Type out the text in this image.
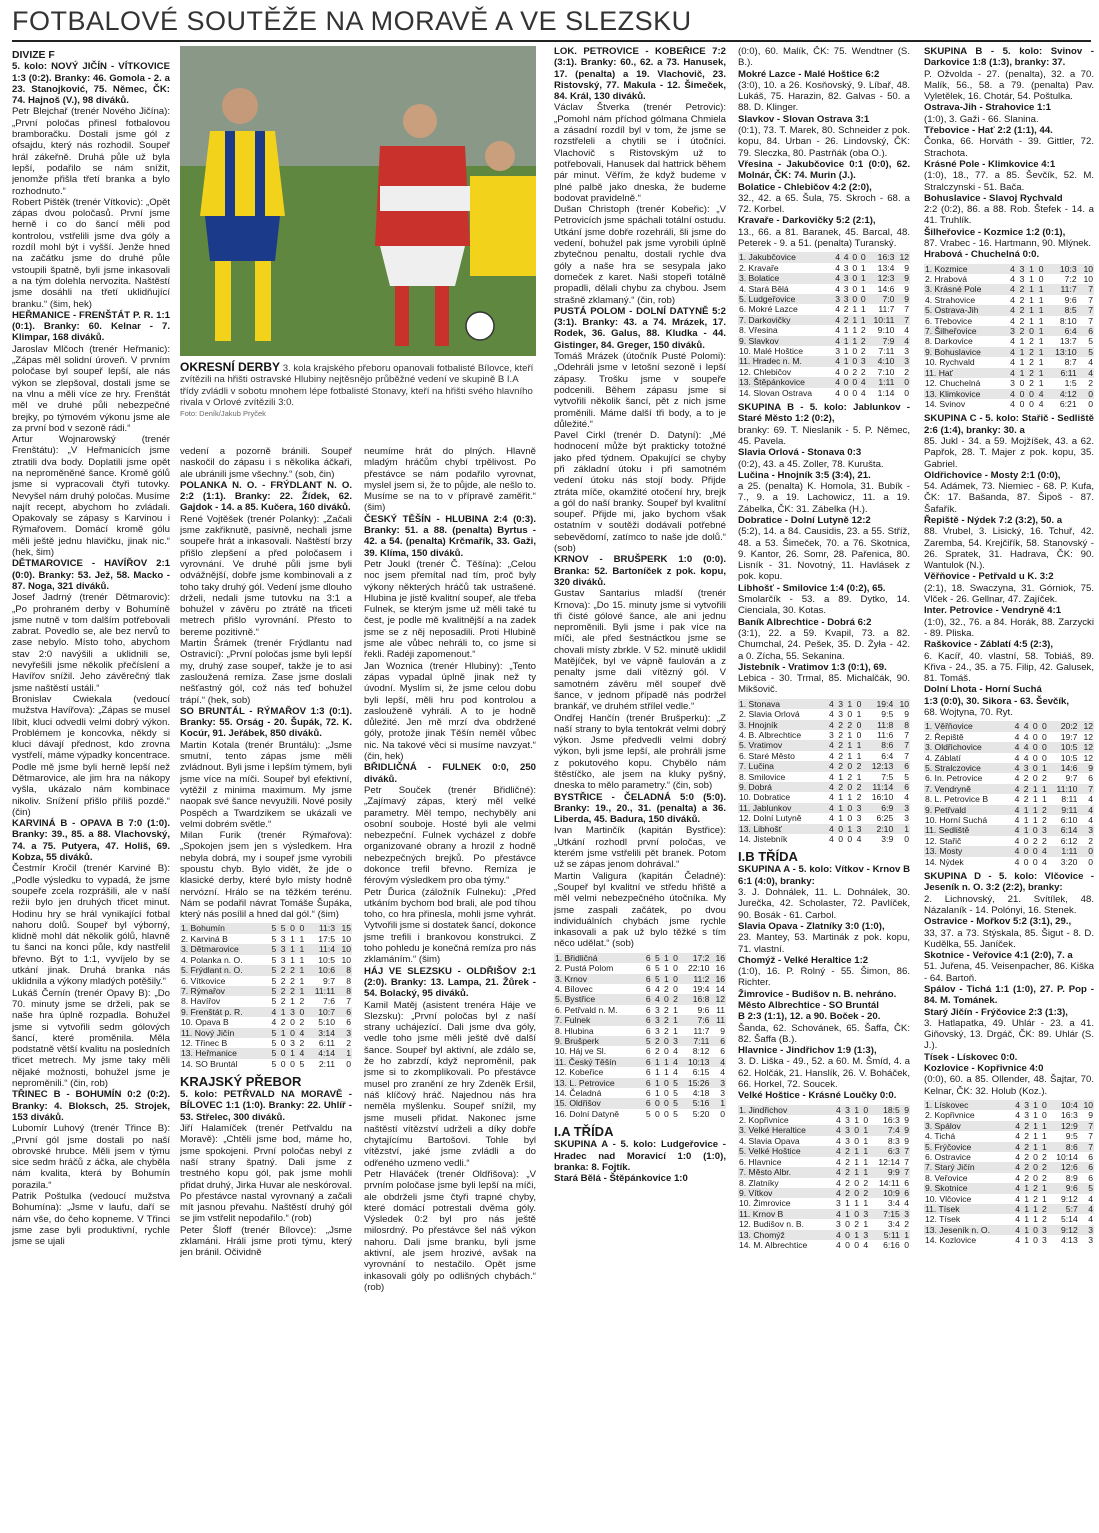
FOTBALOVÉ SOUTĚŽE NA MORAVĚ A VE SLEZSKU

DIVIZE F

5. kolo: NOVÝ JIČÍN - VÍTKOVICE 1:3 (0:2). Branky: 46. Gomola - 2. a 23. Stanojković, 75. Němec, ČK: 74. Hajnoš (V.), 98 diváků.

Petr Blejchař (trenér Nového Jičína): „První poločas přinesl fotbalovou bramboračku. Dostali jsme gól z ofsajdu, který nás rozhodil. Soupeř hrál zákeřně. Druhá půle už byla lepší, podařilo se nám snížit, jenomže přišla třetí branka a bylo rozhodnuto.“

Robert Pištěk (trenér Vítkovic): „Opět zápas dvou poločasů. První jsme herně i co do šancí měli pod kontrolou, vstřelili jsme dva góly a rozdíl mohl být i vyšší. Jenže hned na začátku jsme do druhé půle vstoupili špatně, byli jsme inkasovali a na tým dolehla nervozita. Naštěstí jsme dosáhli na třetí uklidňující branku.“ (šim, hek)

HEŘMANICE - FRENŠTÁT P. R. 1:1 (0:1). Branky: 60. Kelnar - 7. Klimpar, 168 diváků.

Jaroslav Mlčoch (trenér Heřmanic): „Zápas měl solidní úroveň. V prvním poločase byl soupeř lepší, ale nás výkon se zlepšoval, dostali jsme se na vlnu a měli více ze hry. Frenštát měl ve druhé půli nebezpečné brejky, po týmovém výkonu jsme ale za první bod v sezoně rádi.“

Artur Wojnarowský (trenér Frenštátu): „V Heřmanicích jsme ztratili dva body. Doplatili jsme opět na neproměněné šance. Kromě gólů jsme si vypracovali čtyři tutovky. Nevyšel nám druhý poločas. Musíme najít recept, abychom ho zvládali. Opakovaly se zápasy s Karvinou i Rýmařovem. Domácí kromě gólu měli ještě jednu hlavičku, jinak nic.“ (hek, šim)

DĚTMAROVICE - HAVÍŘOV 2:1 (0:0). Branky: 53. Jež, 58. Macko - 87. Noga, 321 diváků.

Josef Jadrný (trenér Dětmarovic): „Po prohraném derby v Bohumíně jsme nutně v tom dalším potřebovali zabrat. Povedlo se, ale bez nervů to zase nebylo. Místo toho, abychom stav 2:0 navýšili a uklidnili se, nevyřešili jsme několik přečíslení a Havířov snížil. Jeho závěrečný tlak jsme naštěstí ustáli.“

Bronislav Cwiekala (vedoucí mužstva Havířova): „Zápas se musel líbit, kluci odvedli velmi dobrý výkon. Problémem je koncovka, někdy si kluci dávají přednost, kdo zrovna vystřelí, máme výpadky koncentrace. Podle mě jsme byli herně lepší než Dětmarovice, ale jim hra na nákopy vyšla, ukázalo nám kombinace nikoliv. Snížení přišlo příliš pozdě.“ (čin)

KARVINÁ B - OPAVA B 7:0 (1:0). Branky: 39., 85. a 88. Vlachovský, 74. a 75. Putyera, 47. Holiš, 69. Kobza, 55 diváků.

Čestmír Kročil (trenér Karviné B): „Podle výsledku to vypadá, že jsme soupeře zcela rozprášili, ale v naší režii bylo jen druhých třicet minut. Hodinu hry se hrál vynikající fotbal nahoru dolů. Soupeř byl výborný, klidně mohl dát několik gólů, hlavně tu šanci na konci půle, kdy nastřelil břevno. Být to 1:1, vyvíjelo by se utkání jinak. Druhá branka nás uklidnila a výkony mladých potěšily.“

Lukáš Černín (trenér Opavy B): „Do 70. minuty jsme se drželi, pak se naše hra úplně rozpadla. Bohužel jsme si vytvořili sedm gólových šancí, které proměnila. Měla podstatně větší kvalitu na posledních třicet metrech. My jsme taky měli nějaké možnosti, bohužel jsme je neproměnili.“ (čin, rob)

TŘINEC B - BOHUMÍN 0:2 (0:2). Branky: 4. Bloksch, 25. Strojek, 153 diváků.

Lubomír Luhový (trenér Třince B): „První gól jsme dostali po naší obrovské hrubce. Měli jsem v týmu sice sedm hráčů z áčka, ale chyběla nám kvalita, která by Bohumín porazila.“

Patrik Poštulka (vedoucí mužstva Bohumína): „Jsme v laufu, daří se nám vše, do čeho kopneme. V Třinci jsme zase byli produktivní, rychle jsme se ujali

OKRESNÍ DERBY 3. kola krajského přeboru opanovali fotbalisté Bílovce, kteří zvítězili na hřišti ostravské Hlubiny nejtěsnějo průběžné vedení ve skupině B I.A třídy zvládli v sobotu mnohem lépe fotbalisté Stonavy, kteří na hřišti svého hlavního rivala v Orlové zvítězili 3:0.
Foto: Deník/Jakub Pryček

vedení a pozorně bránili. Soupeř naskočil do zápasu i s několika áčkaři, ale ubránili jsme všechny.“ (sob, čin)

POLANKA N. O. - FRÝDLANT N. O. 2:2 (1:1). Branky: 22. Žídek, 62. Gajdok - 14. a 85. Kučera, 160 diváků.

René Vojtěšek (trenér Polanky): „Začali jsme zakřiknutě, pasivně, nechali jsme soupeře hrát a inkasovali. Naštěstí brzy přišlo zlepšení a před poločasem i vyrovnání. Ve druhé půli jsme byli odvážnější, dobře jsme kombinovali a z toho taky druhý gól. Vedení jsme dlouho drželi, nedali jsme tutovku na 3:1 a bohužel v závěru po ztrátě na třiceti metrech přišlo vyrovnání. Přesto to bereme pozitivně.“

Martin Šrámek (trenér Frýdlantu nad Ostravicí): „První poločas jsme byli lepší my, druhý zase soupeř, takže je to asi zasloužená remíza. Zase jsme doslali nešťastný gól, což nás teď bohužel trápí.“ (hek, sob)

SO BRUNTÁL - RÝMAŘOV 1:3 (0:1). Branky: 55. Orság - 20. Šupák, 72. K. Kocúr, 91. Jeřábek, 850 diváků.

Martin Kotala (trenér Bruntálu): „Jsme smutní, tento zápas jsme měli zvládnout. Byli jsme i lepším týmem, byli jsme více na míči. Soupeř byl efektivní, vytěžil z minima maximum. My jsme naopak své šance nevyužili. Nové posily Pospěch a Twardzikem se ukázali ve velmi dobrém světle.“

Milan Furik (trenér Rýmařova): „Spokojen jsem jen s výsledkem. Hra nebyla dobrá, my i soupeř jsme vyrobili spoustu chyb. Bylo vidět, že jde o klasické derby, které bylo místy hodně nervózní. Hrálo se na těžkém terénu. Nám se podařil návrat Tomáše Šupáka, který nás posílil a hned dal gól.“ (šim)

1. Bohumín	5	5	0	0	11:3	15
2. Karviná B	5	3	1	1	17:5	10
3. Dětmarovice	5	3	1	1	11:4	10
4. Polanka n. O.	5	3	1	1	10:5	10
5. Frýdlant n. O.	5	2	2	1	10:6	8
6. Vítkovice	5	2	2	1	9:7	8
7. Rýmařov	5	2	2	1	11:11	8
8. Havířov	5	2	1	2	7:6	7
9. Frenštát p. R.	4	1	3	0	10:7	6
10. Opava B	4	2	0	2	5:10	6
11. Nový Jičín	5	1	0	4	3:14	3
12. Třinec B	5	0	3	2	6:11	2
13. Heřmanice	5	0	1	4	4:14	1
14. SO Bruntál	5	0	0	5	2:11	0

KRAJSKÝ PŘEBOR

5. kolo: PETŘVALD NA MORAVĚ - BÍLOVEC 1:1 (1:0). Branky: 22. Uhlíř - 53. Střelec, 300 diváků.

Jiří Halamíček (trenér Petřvaldu na Moravě): „Chtěli jsme bod, máme ho, jsme spokojeni. První poločas nebyl z naší strany špatný. Dali jsme z trestného kopu gól, pak jsme mohli přidat druhý, Jirka Huvar ale neskóroval. Po přestávce nastal vyrovnaný a začali mít jasnou převahu. Naštěstí druhý gól se jim vstřelit nepodařilo.“ (rob)

Peter Šloff (trenér Bílovce): „Jsme zklamáni. Hráli jsme proti týmu, který jen bránil. Očividně

neumíme hrát do plných. Hlavně mladým hráčům chybí trpělivost. Po přestávce se nám podařilo vyrovnat, myslel jsem si, že to půjde, ale nešlo to. Musíme se na to v přípravě zaměřit.“ (šim)

ČESKÝ TĚŠÍN - HLUBINA 2:4 (0:3). Branky: 51. a 88. (penalta) Byrtus - 42. a 54. (penalta) Krčmařík, 33. Gaži, 39. Klíma, 150 diváků.

Petr Joukl (trenér Č. Těšína): „Celou noc jsem přemítal nad tím, proč byly výkony některých hráčů tak ustrašené. Hlubina je jistě kvalitní soupeř, ale třeba Fulnek, se kterým jsme už měli také tu čest, je podle mě kvalitnější a na zadek jsme se z něj neposadili. Proti Hlubině jsme ale vůbec nehráli to, co jsme si řekli. Radéji zapomenout.“

Jan Woznica (trenér Hlubiny): „Tento zápas vypadal úplně jinak než ty úvodní. Myslím si, že jsme celou dobu byli lepší, měli hru pod kontrolou a zaslouženě vyhráli. A to je hodně důležité. Jen mě mrzí dva obdržené góly, protože jinak Těšín neměl vůbec nic. Na takové věci si musíme navzyat.“ (čin, hek)

BŘIDLIČNÁ - FULNEK 0:0, 250 diváků.

Petr Souček (trenér Břidličné): „Zajímavý zápas, který měl velké parametry. Měl tempo, nechyběly ani osobní souboje. Hosté byli ale velmi nebezpeční. Fulnek vycházel z dobře organizované obrany a hrozil z hodně nebezpečných brejků. Po přestávce dokonce trefil břevno. Remíza je férovým výsledkem pro oba týmy.“

Petr Ďurica (záložník Fulneku): „Před utkáním bychom bod brali, ale pod tíhou toho, co hra přinesla, mohli jsme vyhrát. Vytvořili jsme si dostatek šancí, dokonce jsme trefili i brankovou konstrukci. Z toho pohledu je konečná remíza pro nás zklamáním.“ (šim)

HÁJ VE SLEZSKU - OLDŘIŠOV 2:1 (2:0). Branky: 13. Lampa, 21. Žůrek - 54. Bolacký, 95 diváků.

Kamil Matěj (asistent trenéra Háje ve Slezsku): „První poločas byl z naší strany uchájezící. Dali jsme dva góly, vedle toho jsme měli ještě dvě další šance. Soupeř byl aktivní, ale zdálo se, že ho zabrzdí, když neproměnil, pak jsme si to zkomplikovali. Po přestávce musel pro zranění ze hry Zdeněk Eršil, náš klíčový hráč. Najednou nás hra neměla myšlenku. Soupeř snížil, my jsme museli přidat. Nakonec jsme naštěstí vítězství udrželi a díky dobře chytajícímu Bartošovi. Tohle byl vítězství, jaké jsme zvládli a do odřeného uzmeno vedli.“

Petr Hlaváček (trenér Oldřišova): „V prvním poločase jsme byli lepší na míči, ale obdrželi jsme čtyři trapné chyby, které domácí potrestali dvěma góly. Výsledek 0:2 byl pro nás ještě milosrdný. Po přestávce šel náš výkon nahoru. Dali jsme branku, byli jsme aktivní, ale jsem hrozivé, avšak na vyrovnání to nestačilo. Opět jsme inkasovali góly po odlišných chybách.“ (rob)

LOK. PETROVICE - KOBEŘICE 7:2 (3:1). Branky: 60., 62. a 73. Hanusek, 17. (penalta) a 19. Vlachovič, 23. Ristovský, 77. Makula - 12. Šimeček, 84. Král, 130 diváků.

Václav Štverka (trenér Petrovic): „Pomohl nám příchod gólmana Chmiela a zásadní rozdíl byl v tom, že jsme se rozstřeleli a chytili se i útočníci. Vlachovič s Ristovským už to potřebovali, Hanusek dal hattrick během pár minut. Věřím, že když budeme v plné palbě jako dneska, že budeme bodovat pravidelně.“

Dušan Christoph (trenér Kobeřic): „V Petrovicích jsme spáchali totální ostudu. Utkání jsme dobře rozehráli, šli jsme do vedení, bohužel pak jsme vyrobili úplně zbytečnou penaltu, dostali rychle dva góly a naše hra se sesypala jako domeček z karet. Naši stopeři totálně propadli, dělali chybu za chybou. Jsem strašně zklamaný.“ (čin, rob)

PUSTÁ POLOM - DOLNÍ DATYNĚ 5:2 (3:1). Branky: 43. a 74. Mrázek, 17. Rodek, 36. Galus, 88. Kludka - 44. Gistinger, 84. Greger, 150 diváků.

Tomáš Mrázek (útočník Pusté Polomi): „Odehráli jsme v letošní sezoně i lepší zápasy. Trošku jsme v soupeře podcenili. Během zápasu jsme si vytvořili několik šancí, pět z nich jsme proměnili. Máme další tři body, a to je důležité.“

Pavel Cirkl (trenér D. Datyní): „Mé hodnocení může být prakticky totožné jako před týdnem. Opakující se chyby při základní útoku i při samotném vedení útoku nás stojí body. Přijde ztráta míče, okamžité otočení hry, brejk a gól do naší branky. Soupeř byl kvalitní soupeř. Přijde mi, jako bychom však ostatním v soutěži dodávali potřebné sebevědomí, zatímco to naše jde dolů.“ (sob)

KRNOV - BRUŠPERK 1:0 (0:0). Branka: 52. Bartoníček z pok. kopu, 320 diváků.

Gustav Santarius mladší (trenér Krnova): „Do 15. minuty jsme si vytvořili tři čisté gólové šance, ale ani jednu neproměnili. Byli jsme i pak více na míči, ale před šestnáctkou jsme se chovali místy zbrkle. V 52. minutě uklidil Matějíček, byl ve vápně faulován a z penalty jsme dali vítězný gól. V samotném závěru měl soupeř dvě šance, v jednom případě nás podržel brankář, ve druhém střílel vedle.“

Ondřej Hančín (trenér Brušperku): „Z naší strany to byla tentokrát velmi dobrý výkon. Jsme předvedli velmi dobrý výkon, byli jsme lepší, ale prohráli jsme z pokutového kopu. Chybělo nám štěstíčko, ale jsem na kluky pyšný, dneska to mělo parametry.“ (čin, sob)

BYSTŘICE - ČELADNÁ 5:0 (5:0). Branky: 19., 20., 31. (penalta) a 36. Liberda, 45. Badura, 150 diváků.

Ivan Martinčík (kapitán Bystřice): „Utkání rozhodl první poločas, ve kterém jsme vstřelili pět branek. Potom už se zápas jenom dohrával.“

Martin Valigura (kapitán Čeladné): „Soupeř byl kvalitní ve středu hřiště a měl velmi nebezpečného útočníka. My jsme zaspali začátek, po dvou individuálních chybách jsme rychle inkasovali a pak už bylo těžké s tím něco udělat.“ (sob)

1. Břidličná	6	5	1	0	17:2	16
2. Pustá Polom	6	5	1	0	22:10	16
3. Krnov	6	5	1	0	11:2	16
4. Bílovec	6	4	2	0	19:4	14
5. Bystřice	6	4	0	2	16:8	12
6. Petřvald n. M.	6	3	2	1	9:6	11
7. Fulnek	6	3	2	1	7:6	11
8. Hlubina	6	3	2	1	11:7	9
9. Brušperk	5	2	0	3	7:11	6
10. Háj ve Sl.	6	2	0	4	8:12	6
11. Český Těšín	6	1	1	4	10:13	4
12. Kobeřice	6	1	1	4	6:15	4
13. L. Petrovice	6	1	0	5	15:26	3
14. Čeladná	6	1	0	5	4:18	3
15. Oldřišov	6	0	0	5	5:16	1
16. Dolní Datyně	5	0	0	5	5:20	0

I.A TŘÍDA

SKUPINA A - 5. kolo: Ludgeřovice - Hradec nad Moravicí 1:0 (1:0), branka: 8. Fojtík.

Stará Bělá - Štěpánkovice 1:0

(0:0), 60. Malík, ČK: 75. Wendtner (S. B.).

Mokré Lazce - Malé Hoštice 6:2

(3:0), 10. a 26. Kosňovský, 9. Líbař, 48. Lukáš, 75. Harazin, 82. Galvas - 50. a 88. D. Klinger.

Slavkov - Slovan Ostrava 3:1

(0:1), 73. T. Marek, 80. Schneider z pok. kopu, 84. Urban - 26. Lindovský, ČK: 79. Sleczka, 80. Pastrňák (oba O.).

Vřesina - Jakubčovice 0:1 (0:0), 62. Molnár, ČK: 74. Murin (J.).

Bolatice - Chlebičov 4:2 (2:0),

32., 42. a 65. Šula, 75. Skroch - 68. a 72. Korbel.

Kravaře - Darkovičky 5:2 (2:1),

13., 66. a 81. Baranek, 45. Barcal, 48. Peterek - 9. a 51. (penalta) Turanský.

1. Jakubčovice	4	4	0	0	16:3	12
2. Kravaře	4	3	0	1	13:4	9
3. Bolatice	4	3	0	1	12:3	9
4. Stará Bělá	4	3	0	1	14:6	9
5. Ludgeřovice	3	3	0	0	7:0	9
6. Mokré Lazce	4	2	1	1	11:7	7
7. Darkovičky	4	2	1	1	10:11	7
8. Vřesina	4	1	1	2	9:10	4
9. Slavkov	4	1	1	2	7:9	4
10. Malé Hoštice	3	1	0	2	7:11	3
11. Hradec n. M.	4	1	0	3	4:10	3
12. Chlebičov	4	0	2	2	7:10	2
13. Štěpánkovice	4	0	0	4	1:11	0
14. Slovan Ostrava	4	0	0	4	1:14	0

SKUPINA B - 5. kolo: Jablunkov - Staré Město 1:2 (0:2),

branky: 69. T. Nieslanik - 5. P. Němec, 45. Pavela.

Slavia Orlová - Stonava 0:3

(0:2), 43. a 45. Zoller, 78. Kurušta.

Lučina - Hnojník 3:5 (3:4), 21.

a 25. (penalta) K. Homola, 31. Bubík - 7., 9. a 19. Lachowicz, 11. a 19. Zábelka, ČK: 31. Zábelka (H.).

Dobratice - Dolní Lutyně 12:2

(5:2), 14. a 84. Causidis, 23. a 55. Stříž, 48. a 53. Šimeček, 70. a 76. Skotnica, 9. Kantor, 26. Somr, 28. Pařenica, 80. Lisník - 31. Novotný, 11. Havlásek z pok. kopu.

Libhošť - Smilovice 1:4 (0:2), 65.

Smolarčík - 53. a 89. Dytko, 14. Cienciala, 30. Kotas.

Baník Albrechtice - Dobrá 6:2

(3:1), 22. a 59. Kvapil, 73. a 82. Chumchal, 24. Pešek, 35. D. Żyła - 42. a 0. Zícha, 55. Sekanina.

Jistebník - Vratimov 1:3 (0:1), 69.

Lebica - 30. Trmal, 85. Michalčák, 90. Mikšovič.

1. Stonava	4	3	1	0	19:4	10
2. Slavia Orlová	4	3	0	1	9:5	9
3. Hnojník	4	2	2	0	11:8	8
4. B. Albrechtice	3	2	1	0	11:6	7
5. Vratimov	4	2	1	1	8:6	7
6. Staré Město	4	2	1	1	6:4	7
7. Lučina	4	2	0	2	12:13	6
8. Smilovice	4	1	2	1	7:5	5
9. Dobrá	4	2	0	2	11:14	6
10. Dobratice	4	1	1	2	16:10	4
11. Jablunkov	4	1	0	3	6:9	3
12. Dolní Lutyně	4	1	0	3	6:25	3
13. Libhošť	4	0	1	3	2:10	1
14. Jistebník	4	0	0	4	3:9	0

I.B TŘÍDA

SKUPINA A - 5. kolo: Vítkov - Krnov B 6:1 (4:0), branky:

3. J. Dohnálek, 11. L. Dohnálek, 30. Jurečka, 42. Scholaster, 72. Pavlíček, 90. Bosák - 61. Carbol.

Slavia Opava - Zlatníky 3:0 (1:0),

23. Mantey, 53. Martinák z pok. kopu, 71. vlastní.

Chomýž - Velké Heraltice 1:2

(1:0), 16. P. Rolný - 55. Šimon, 86. Richter.

Žimrovice - Budišov n. B. nehráno.

Město Albrechtice - SO Bruntál

B 2:3 (1:1), 12. a 90. Boček - 20.

Šanda, 62. Schovánek, 65. Šaffa, ČK: 82. Šaffa (B.).

Hlavnice - Jindřichov 1:9 (1:3),

3. D. Liška - 49., 52. a 60. M. Šmíd, 4. a 62. Holčák, 21. Hanslík, 26. V. Boháček, 66. Horkel, 72. Soucek.

Velké Hoštice - Krásné Loučky 0:0.

1. Jindřichov	4	3	1	0	18:5	9
2. Kopřivnice	4	3	1	0	16:3	9
3. Velké Heraltice	4	3	0	1	7:4	9
4. Slavia Opava	4	3	0	1	8:3	9
5. Velké Hoštice	4	2	1	1	6:3	7
6. Hlavnice	4	2	1	1	12:14	7
7. Město Albr.	4	2	1	1	9:9	7
8. Zlatníky	4	2	0	2	14:11	6
9. Vítkov	4	2	0	2	10:9	6
10. Žimrovice	3	1	1	1	3:4	4
11. Krnov B	4	1	0	3	7:15	3
12. Budišov n. B.	3	0	2	1	3:4	2
13. Chomýž	4	0	1	3	5:11	1
14. M. Albrechtice	4	0	0	4	6:16	0

SKUPINA B - 5. kolo: Svinov - Darkovice 1:8 (1:3), branky: 37.

P. Ožvolda - 27. (penalta), 32. a 70. Malík, 56., 58. a 79. (penalta) Pav. Vyletělek, 16. Chotár, 54. Poštulka.

Ostrava-Jih - Strahovice 1:1

(1:0), 3. Gaži - 66. Slanina.

Třebovice - Hať 2:2 (1:1), 44.

Čonka, 66. Horváth - 39. Gittler, 72. Strachota.

Krásné Pole - Klimkovice 4:1

(1:0), 18., 77. a 85. Ševčík, 52. M. Stralczynski - 51. Bača.

Bohuslavice - Slavoj Rychvald

2:2 (0:2), 86. a 88. Rob. Štefek - 14. a 41. Truhlík.

Šilheřovice - Kozmice 1:2 (0:1),

87. Vrabec - 16. Hartmann, 90. Mlýnek.

Hrabová - Chuchelná 0:0.

1. Kozmice	4	3	1	0	10:3	10
2. Hrabová	4	3	1	0	7:2	10
3. Krásné Pole	4	2	1	1	11:7	7
4. Strahovice	4	2	1	1	9:6	7
5. Ostrava-Jih	4	2	1	1	8:5	7
6. Třebovice	4	2	1	1	8:10	7
7. Šilheřovice	3	2	0	1	6:4	6
8. Darkovice	4	1	2	1	13:7	5
9. Bohuslavice	4	1	2	1	13:10	5
10. Rychvald	4	1	2	1	8:7	4
11. Hať	4	1	2	1	6:11	4
12. Chuchelná	3	0	2	1	1:5	2
13. Klimkovice	4	0	0	4	4:12	0
14. Svinov	4	0	0	4	6:21	0

SKUPINA C - 5. kolo: Stařič - Sedliště 2:6 (1:4), branky: 30. a

85. Jukl - 34. a 59. Mojžíšek, 43. a 62. Papřok, 28. T. Majer z pok. kopu, 35. Gabriel.

Oldřichovice - Mosty 2:1 (0:0),

54. Adámek, 73. Niemiec - 68. P. Kufa, ČK: 17. Bašanda, 87. Šipoš - 87. Šafařík.

Řepiště - Nýdek 7:2 (3:2), 50. a

88. Vrubel, 3. Lisický, 16. Tchuř, 42. Zaremba, 54. Krejčiřík, 58. Stanovský - 26. Spratek, 31. Hadrava, ČK: 90. Wantulok (N.).

Věřňovice - Petřvald u K. 3:2

(2:1), 18. Swaczyna, 31. Górniok, 75. Vlček - 26. Gellnar, 47. Zajíček.

Inter. Petrovice - Vendryně 4:1

(1:0), 32., 76. a 84. Horák, 88. Zarzycki - 89. Pliska.

Raškovice - Záblatí 4:5 (2:3),

6. Kacíř, 40. vlastní, 58. Tobiáš, 89. Křiva - 24., 35. a 75. Filip, 42. Galusek, 81. Tomáš.

Dolní Lhota - Horní Suchá

1:3 (0:0), 30. Sikora - 63. Ševčík,

68. Wojtyna, 70. Ryt.

1. Věřňovice	4	4	0	0	20:2	12
2. Řepiště	4	4	0	0	19:7	12
3. Oldřichovice	4	4	0	0	10:5	12
4. Záblatí	4	4	0	0	10:5	12
5. Stralczovice	4	3	0	1	14:6	9
6. In. Petrovice	4	2	0	2	9:7	6
7. Vendryně	4	2	1	1	11:10	7
8. L. Petrovice B	4	2	1	1	8:11	4
9. Petřvald	4	1	1	2	9:11	4
10. Horní Suchá	4	1	1	2	6:10	4
11. Sedliště	4	1	0	3	6:14	3
12. Stařič	4	0	2	2	6:12	2
13. Mosty	4	0	0	4	1:11	0
14. Nýdek	4	0	0	4	3:20	0

SKUPINA D - 5. kolo: Vlčovice - Jeseník n. O. 3:2 (2:2), branky:

2. Lichnovský, 21. Svítílek, 48. Názalaník - 14. Polónyi, 16. Stenek.

Ostravice - Mořkov 5:2 (3:1), 29.,

33, 37. a 73. Stýskala, 85. Šigut - 8. D. Kudělka, 55. Janíček.

Skotnice - Veřovice 4:1 (2:0), 7. a

51. Juřena, 45. Veisenpacher, 86. Kiška - 64. Bartoň.

Spálov - Tichá 1:1 (1:0), 27. P. Pop - 84. M. Tománek.

Starý Jičín - Frýčovice 2:3 (1:3),

3. Hatlapatka, 49. Uhlár - 23. a 41. Giňovský, 13. Drgáč, ČK: 89. Uhlár (S. J.).

Tísek - Lískovec 0:0.

Kozlovice - Kopřivnice 4:0

(0:0), 60. a 85. Ollender, 48. Šajtar, 70. Kelnar, ČK: 32. Holub (Koz.).

1. Lískovec	4	3	1	0	10:4	10
2. Kopřivnice	4	3	1	0	16:3	9
3. Spálov	4	2	1	1	12:9	7
4. Tichá	4	2	1	1	9:5	7
5. Frýčovice	4	2	1	1	8:6	7
6. Ostravice	4	2	0	2	10:14	6
7. Starý Jičín	4	2	0	2	12:6	6
8. Veřovice	4	2	0	2	8:9	6
9. Skotnice	4	1	2	1	9:6	5
10. Vlčovice	4	1	2	1	9:12	4
11. Tísek	4	1	1	2	5:7	4
12. Tísek	4	1	1	2	5:14	4
13. Jeseník n. O.	4	1	0	3	9:12	3
14. Kozlovice	4	1	0	3	4:13	3
